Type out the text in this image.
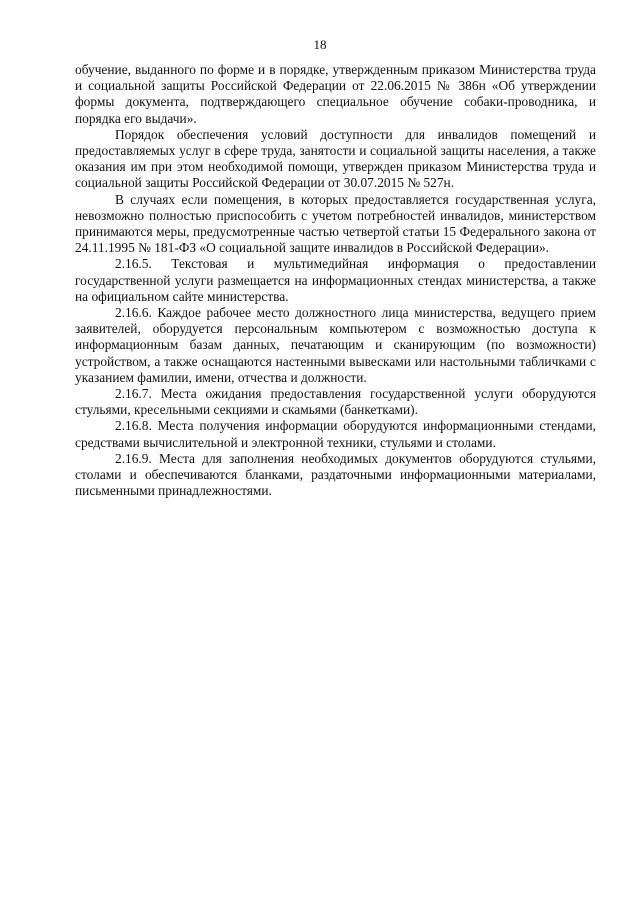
18

обучение, выданного по форме и в порядке, утвержденным приказом Министерства труда и социальной защиты Российской Федерации от 22.06.2015 № 386н «Об утверждении формы документа, подтверждающего специальное обучение собаки-проводника, и порядка его выдачи».

Порядок обеспечения условий доступности для инвалидов помещений и предоставляемых услуг в сфере труда, занятости и социальной защиты населения, а также оказания им при этом необходимой помощи, утвержден приказом Министерства труда и социальной защиты Российской Федерации от 30.07.2015 № 527н.

В случаях если помещения, в которых предоставляется государственная услуга, невозможно полностью приспособить с учетом потребностей инвалидов, министерством принимаются меры, предусмотренные частью четвертой статьи 15 Федерального закона от 24.11.1995 № 181-ФЗ «О социальной защите инвалидов в Российской Федерации».

2.16.5. Текстовая и мультимедийная информация о предоставлении государственной услуги размещается на информационных стендах министерства, а также на официальном сайте министерства.

2.16.6. Каждое рабочее место должностного лица министерства, ведущего прием заявителей, оборудуется персональным компьютером с возможностью доступа к информационным базам данных, печатающим и сканирующим (по возможности) устройством, а также оснащаются настенными вывесками или настольными табличками с указанием фамилии, имени, отчества и должности.

2.16.7. Места ожидания предоставления государственной услуги оборудуются стульями, кресельными секциями и скамьями (банкетками).

2.16.8. Места получения информации оборудуются информационными стендами, средствами вычислительной и электронной техники, стульями и столами.

2.16.9. Места для заполнения необходимых документов оборудуются стульями, столами и обеспечиваются бланками, раздаточными информационными материалами, письменными принадлежностями.
